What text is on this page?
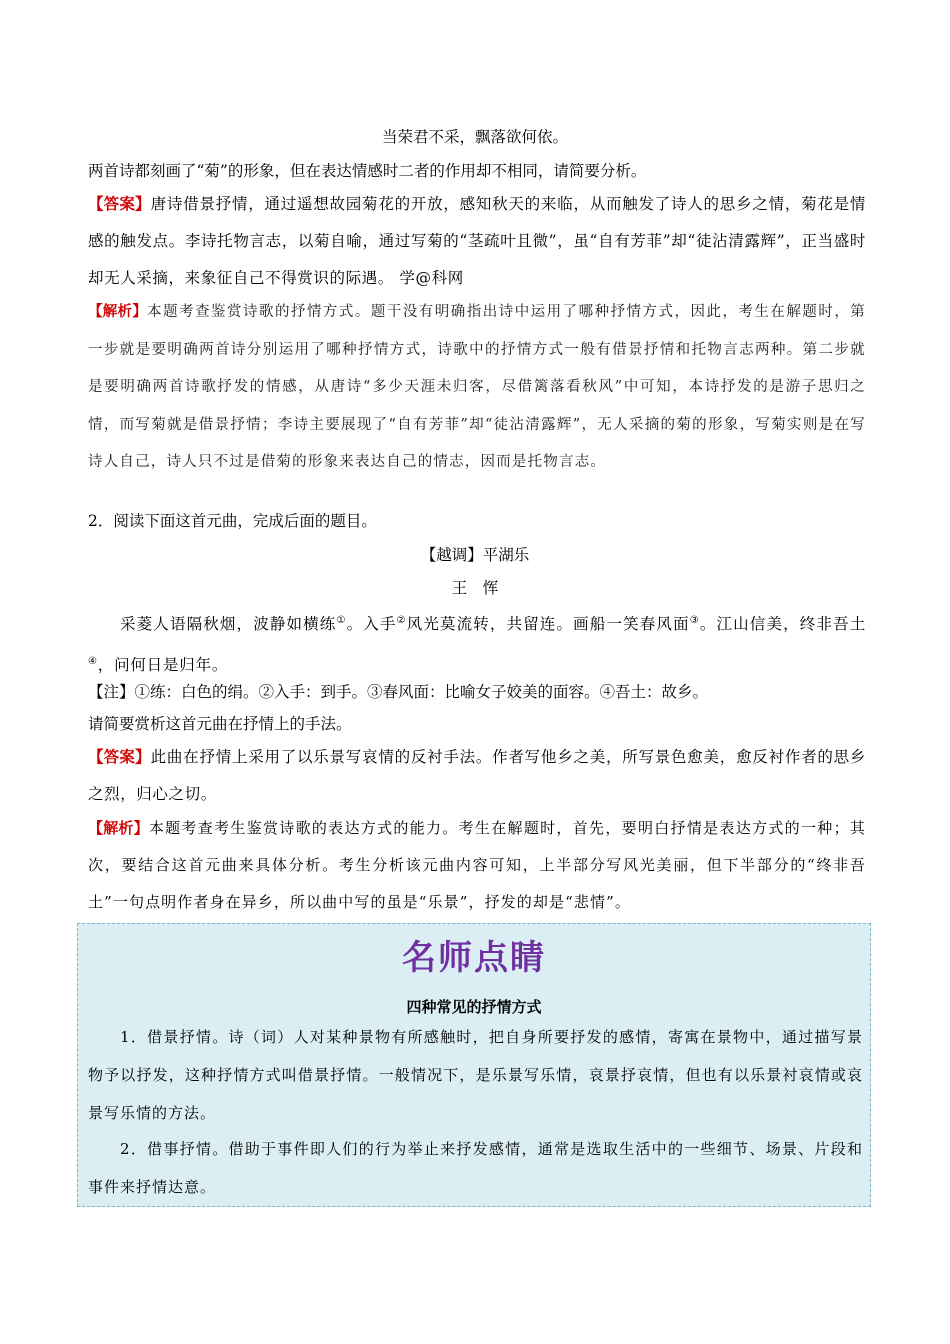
当荣君不采，飘落欲何依。
两首诗都刻画了“菊”的形象，但在表达情感时二者的作用却不相同，请简要分析。
【答案】唐诗借景抒情，通过遥想故园菊花的开放，感知秋天的来临，从而触发了诗人的思乡之情，菊花是情感的触发点。李诗托物言志，以菊自喻，通过写菊的“茎疏叶且微”，虽“自有芳菲”却“徒沾清露辉”，正当盛时却无人采摘，来象征自己不得赏识的际遇。 学@科网
【解析】本题考查鉴赏诗歌的抒情方式。题干没有明确指出诗中运用了哪种抒情方式，因此，考生在解题时，第一步就是要明确两首诗分别运用了哪种抒情方式，诗歌中的抒情方式一般有借景抒情和托物言志两种。第二步就是要明确两首诗歌抒发的情感，从唐诗“多少天涯未归客，尽借篱落看秋风”中可知，本诗抒发的是游子思归之情，而写菊就是借景抒情；李诗主要展现了“自有芳菲”却“徒沾清露辉”，无人采摘的菊的形象，写菊实则是在写诗人自己，诗人只不过是借菊的形象来表达自己的情志，因而是托物言志。
2．阅读下面这首元曲，完成后面的题目。
【越调】平湖乐
王　恽
采菱人语隔秋烟，波静如横练①。入手②风光莫流转，共留连。画船一笑春风面③。江山信美，终非吾土④，问何日是归年。
【注】①练：白色的绢。②入手：到手。③春风面：比喻女子姣美的面容。④吾土：故乡。
请简要赏析这首元曲在抒情上的手法。
【答案】此曲在抒情上采用了以乐景写哀情的反衬手法。作者写他乡之美，所写景色愈美，愈反衬作者的思乡之烈，归心之切。
【解析】本题考查考生鉴赏诗歌的表达方式的能力。考生在解题时，首先，要明白抒情是表达方式的一种；其次，要结合这首元曲来具体分析。考生分析该元曲内容可知，上半部分写风光美丽，但下半部分的“终非吾土”一句点明作者身在异乡，所以曲中写的虽是“乐景”，抒发的却是“悲情”。
名师点睛
四种常见的抒情方式
1．借景抒情。诗（词）人对某种景物有所感触时，把自身所要抒发的感情，寄寓在景物中，通过描写景物予以抒发，这种抒情方式叫借景抒情。一般情况下，是乐景写乐情，哀景抒哀情，但也有以乐景衬哀情或哀景写乐情的方法。
2．借事抒情。借助于事件即人们的行为举止来抒发感情，通常是选取生活中的一些细节、场景、片段和事件来抒情达意。
